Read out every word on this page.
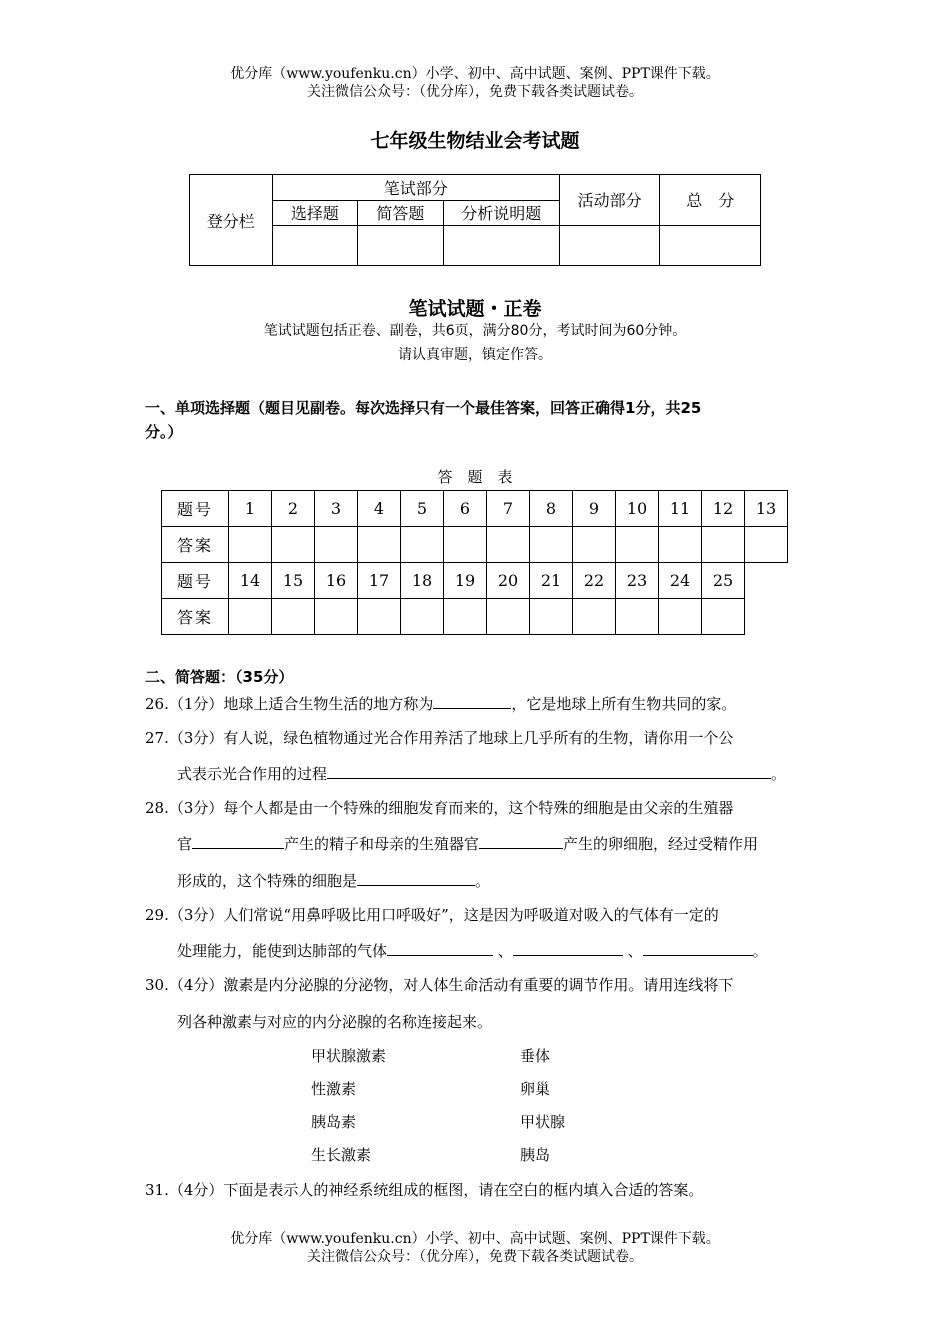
优分库（www.youfenku.cn）小学、初中、高中试题、案例、PPT课件下载。
关注微信公众号：（优分库），免费下载各类试题试卷。
七年级生物结业会考试题
登分栏	笔试部分			活动部分	总　分
	选择题	简答题	分析说明题		

笔试试题・正卷
笔试试题包括正卷、副卷，共6页，满分80分，考试时间为60分钟。
请认真审题，镇定作答。
一、单项选择题（题目见副卷。每次选择只有一个最佳答案，回答正确得1分，共25
分。）
答　题　表
题号	1	2	3	4	5	6	7	8	9	10	11	12	13
答案													
题号	14	15	16	17	18	19	20	21	22	23	24	25	
答案													
二、简答题：（35分）
26.（1分）地球上适合生物生活的地方称为	，它是地球上所有生物共同的家。
27.（3分）有人说，绿色植物通过光合作用养活了地球上几乎所有的生物，请你用一个公
式表示光合作用的过程	。
28.（3分）每个人都是由一个特殊的细胞发育而来的，这个特殊的细胞是由父亲的生殖器
官	产生的精子和母亲的生殖器官	产生的卵细胞，经过受精作用
形成的，这个特殊的细胞是	。
29.（3分）人们常说“用鼻呼吸比用口呼吸好”，这是因为呼吸道对吸入的气体有一定的
处理能力，能使到达肺部的气体	、	、	。
30.（4分）激素是内分泌腺的分泌物，对人体生命活动有重要的调节作用。请用连线将下
列各种激素与对应的内分泌腺的名称连接起来。
甲状腺激素
性激素
胰岛素
生长激素
垂体
卵巢
甲状腺
胰岛
31.（4分）下面是表示人的神经系统组成的框图，请在空白的框内填入合适的答案。
优分库（www.youfenku.cn）小学、初中、高中试题、案例、PPT课件下载。
关注微信公众号：（优分库），免费下载各类试题试卷。
